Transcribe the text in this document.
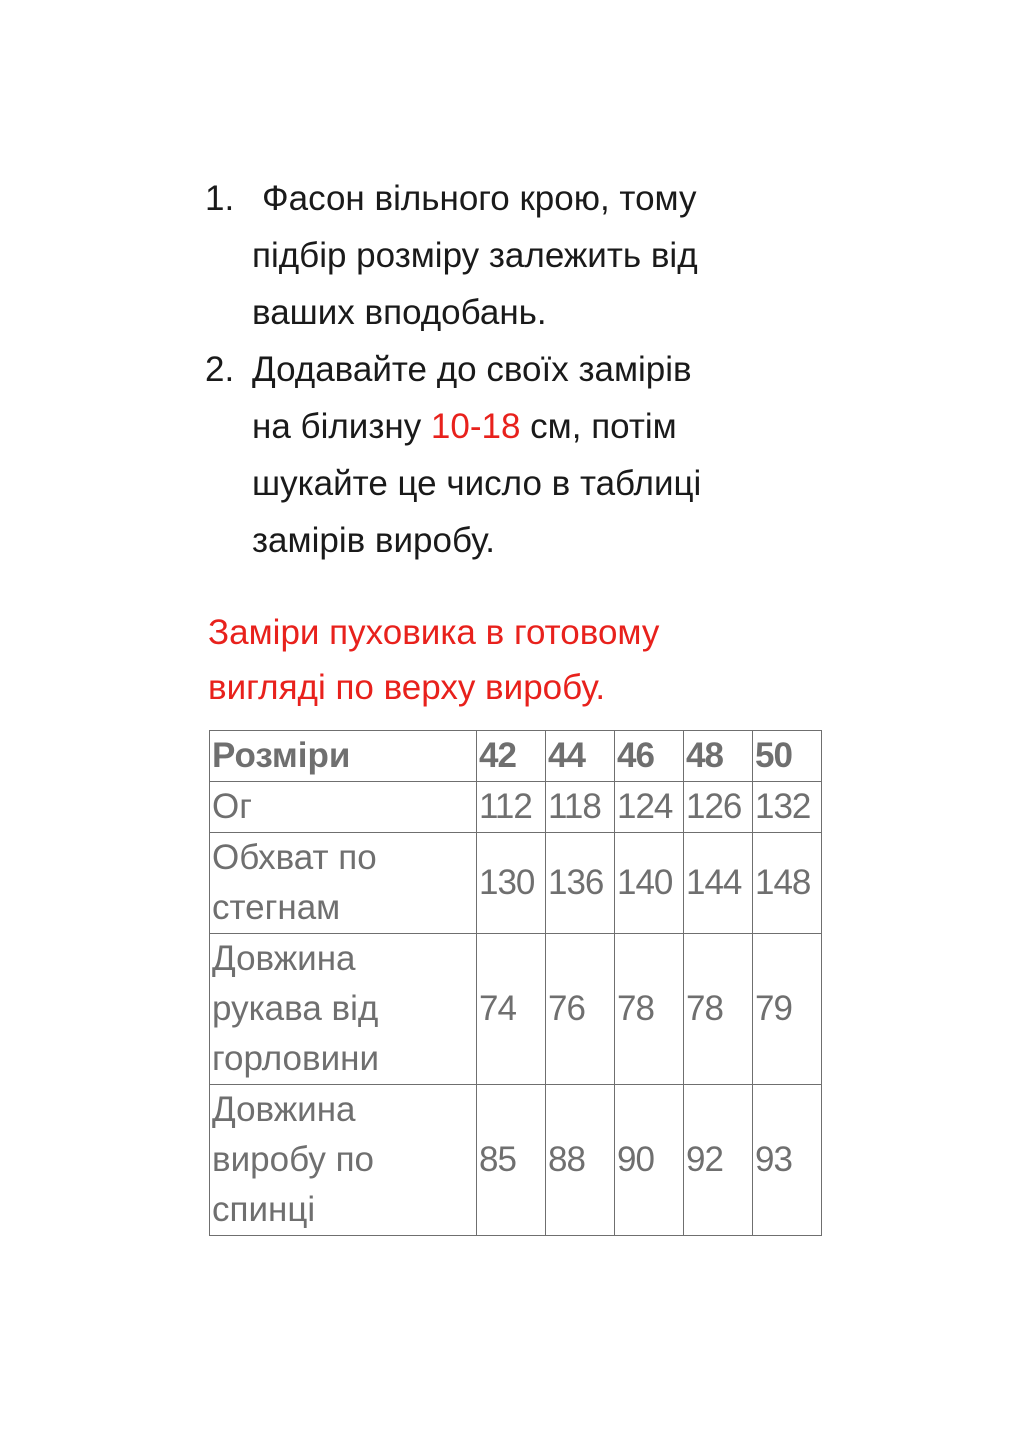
1. Фасон вільного крою, тому
підбір розміру залежить від
ваших вподобань.
2. Додавайте до своїх замірів
на білизну 10-18 см, потім
шукайте це число в таблиці
замірів виробу.
Заміри пуховика в готовому
вигляді по верху виробу.
Розміри	42	44	46	48	50

Ог	112	118	124	126	132

Обхват по
стегнам	130	136	140	144	148

Довжина
рукава від
горловини	74	76	78	78	79

Довжина
виробу по
спинці	85	88	90	92	93
